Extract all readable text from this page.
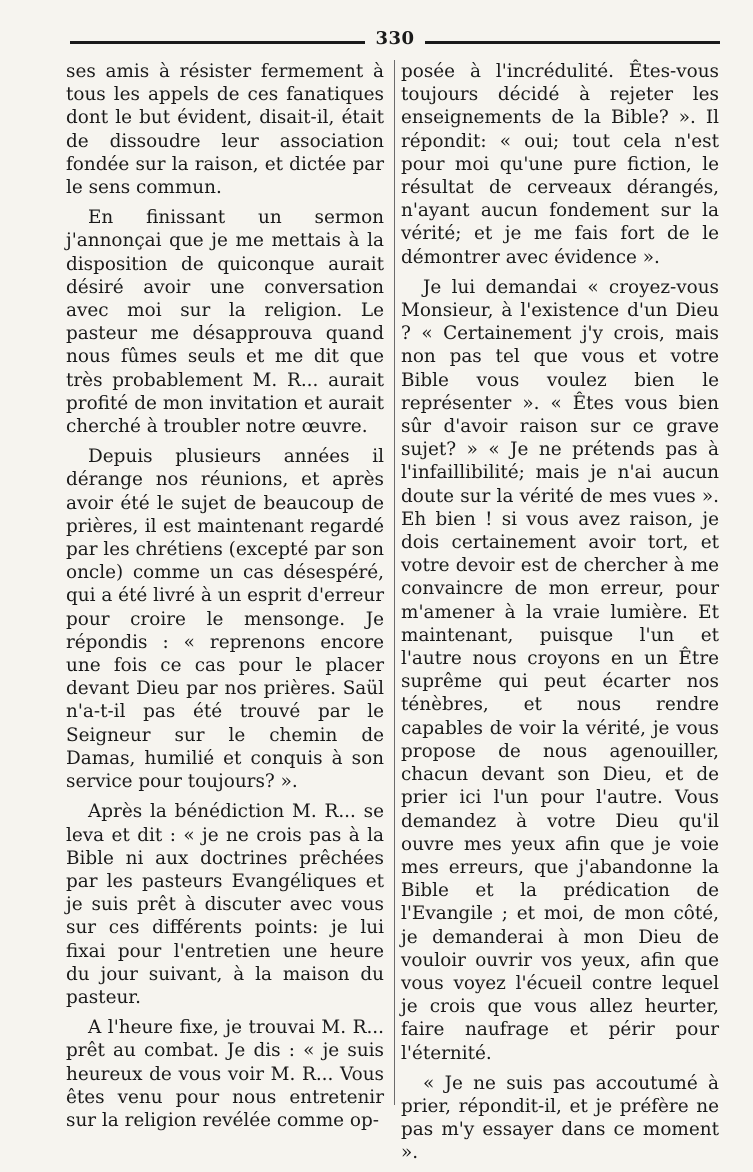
330

ses amis à résister fermement à tous les appels de ces fanatiques dont le but évident, disait-il, était de dissoudre leur association fondée sur la raison, et dictée par le sens commun.

En finissant un sermon j'annonçai que je me mettais à la disposition de quiconque aurait désiré avoir une conversation avec moi sur la religion. Le pasteur me désapprouva quand nous fûmes seuls et me dit que très probablement M. R... aurait profité de mon invitation et aurait cherché à troubler notre œuvre.

Depuis plusieurs années il dérange nos réunions, et après avoir été le sujet de beaucoup de prières, il est maintenant regardé par les chrétiens (excepté par son oncle) comme un cas désespéré, qui a été livré à un esprit d'erreur pour croire le mensonge. Je répondis : « reprenons encore une fois ce cas pour le placer devant Dieu par nos prières. Saül n'a-t-il pas été trouvé par le Seigneur sur le chemin de Damas, humilié et conquis à son service pour toujours? ».

Après la bénédiction M. R... se leva et dit : « je ne crois pas à la Bible ni aux doctrines prêchées par les pasteurs Evangéliques et je suis prêt à discuter avec vous sur ces différents points: je lui fixai pour l'entretien une heure du jour suivant, à la maison du pasteur.

A l'heure fixe, je trouvai M. R... prêt au combat. Je dis : « je suis heureux de vous voir M. R... Vous êtes venu pour nous entretenir sur la religion revélée comme op-

posée à l'incrédulité. Êtes-vous toujours décidé à rejeter les enseignements de la Bible? ». Il répondit: « oui; tout cela n'est pour moi qu'une pure fiction, le résultat de cerveaux dérangés, n'ayant aucun fondement sur la vérité; et je me fais fort de le démontrer avec évidence ».

Je lui demandai « croyez-vous Monsieur, à l'existence d'un Dieu ? « Certainement j'y crois, mais non pas tel que vous et votre Bible vous voulez bien le représenter ». « Êtes vous bien sûr d'avoir raison sur ce grave sujet? » « Je ne prétends pas à l'infaillibilité; mais je n'ai aucun doute sur la vérité de mes vues ». Eh bien ! si vous avez raison, je dois certainement avoir tort, et votre devoir est de chercher à me convaincre de mon erreur, pour m'amener à la vraie lumière. Et maintenant, puisque l'un et l'autre nous croyons en un Être suprême qui peut écarter nos ténèbres, et nous rendre capables de voir la vérité, je vous propose de nous agenouiller, chacun devant son Dieu, et de prier ici l'un pour l'autre. Vous demandez à votre Dieu qu'il ouvre mes yeux afin que je voie mes erreurs, que j'abandonne la Bible et la prédication de l'Evangile ; et moi, de mon côté, je demanderai à mon Dieu de vouloir ouvrir vos yeux, afin que vous voyez l'écueil contre lequel je crois que vous allez heurter, faire naufrage et périr pour l'éternité.

« Je ne suis pas accoutumé à prier, répondit-il, et je préfère ne pas m'y essayer dans ce moment ».
